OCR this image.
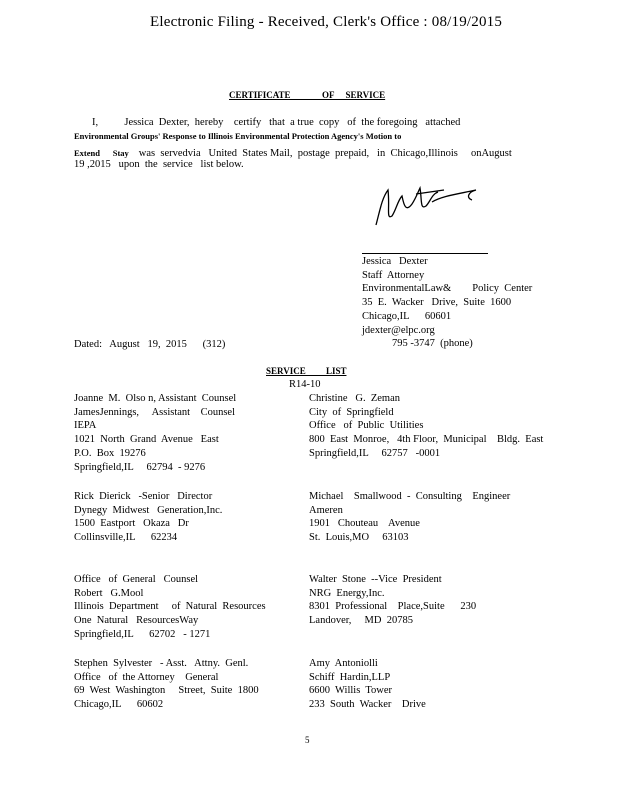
Electronic Filing - Received, Clerk's Office : 08/19/2015
CERTIFICATE              OF     SERVICE
I,          Jessica  Dexter,  hereby    certify   that  a true  copy   of  the foregoing   attached
Environmental Groups' Response to Illinois Environmental Protection Agency's Motion to
Extend      Stay was  servedvia   United  States Mail,  postage  prepaid,   in  Chicago,Illinois     onAugust
19 ,2015   upon  the  service   list below.
Jessica   Dexter
Staff  Attorney
EnvironmentalLaw&        Policy  Center
35  E.  Wacker   Drive,  Suite  1600
Chicago,IL      60601
jdexter@elpc.org
795 -3747  (phone)
Dated:   August   19,  2015      (312)
SERVICE         LIST
R14-10
Joanne  M.  Olso n, Assistant  Counsel
JamesJennings,     Assistant    Counsel
IEPA
1021  North  Grand  Avenue   East
P.O.  Box  19276
Springfield,IL     62794  - 9276
Rick  Dierick   -Senior   Director
Dynegy  Midwest   Generation,Inc.
1500  Eastport   Okaza   Dr
Collinsville,IL      62234
Office   of  General   Counsel
Robert   G.Mool
Illinois  Department     of  Natural  Resources
One  Natural   ResourcesWay
Springfield,IL      62702   - 1271
Stephen  Sylvester   - Asst.   Attny.  Genl.
Office   of  the Attorney    General
69  West  Washington     Street,  Suite  1800
Chicago,IL      60602
Christine   G.  Zeman
City  of  Springfield
Office   of  Public  Utilities
800  East  Monroe,   4th Floor,  Municipal    Bldg.  East
Springfield,IL     62757   -0001
Michael    Smallwood  -  Consulting    Engineer
Ameren
1901   Chouteau    Avenue
St.  Louis,MO     63103
Walter  Stone  --Vice  President
NRG  Energy,Inc.
8301  Professional    Place,Suite      230
Landover,     MD  20785
Amy  Antoniolli
Schiff  Hardin,LLP
6600  Willis  Tower
233  South  Wacker    Drive
5
